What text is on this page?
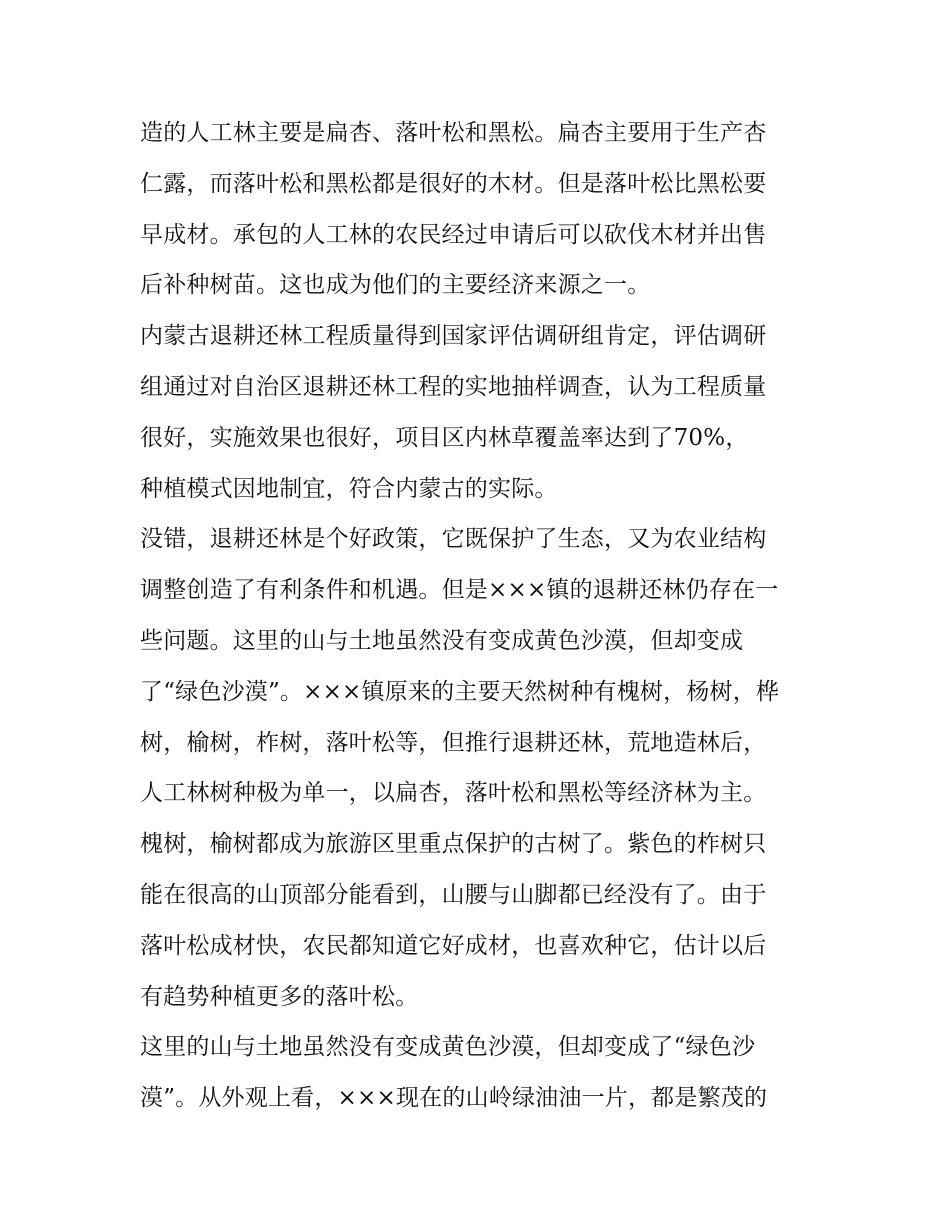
造的人工林主要是扁杏、落叶松和黑松。扁杏主要用于生产杏
仁露，而落叶松和黑松都是很好的木材。但是落叶松比黑松要
早成材。承包的人工林的农民经过申请后可以砍伐木材并出售
后补种树苗。这也成为他们的主要经济来源之一。
内蒙古退耕还林工程质量得到国家评估调研组肯定，评估调研
组通过对自治区退耕还林工程的实地抽样调查，认为工程质量
很好，实施效果也很好，项目区内林草覆盖率达到了70%，
种植模式因地制宜，符合内蒙古的实际。
没错，退耕还林是个好政策，它既保护了生态，又为农业结构
调整创造了有利条件和机遇。但是×××镇的退耕还林仍存在一
些问题。这里的山与土地虽然没有变成黄色沙漠，但却变成
了“绿色沙漠”。×××镇原来的主要天然树种有槐树，杨树，桦
树，榆树，柞树，落叶松等，但推行退耕还林，荒地造林后，
人工林树种极为单一，以扁杏，落叶松和黑松等经济林为主。
槐树，榆树都成为旅游区里重点保护的古树了。紫色的柞树只
能在很高的山顶部分能看到，山腰与山脚都已经没有了。由于
落叶松成材快，农民都知道它好成材，也喜欢种它，估计以后
有趋势种植更多的落叶松。
这里的山与土地虽然没有变成黄色沙漠，但却变成了“绿色沙
漠”。从外观上看，×××现在的山岭绿油油一片，都是繁茂的
